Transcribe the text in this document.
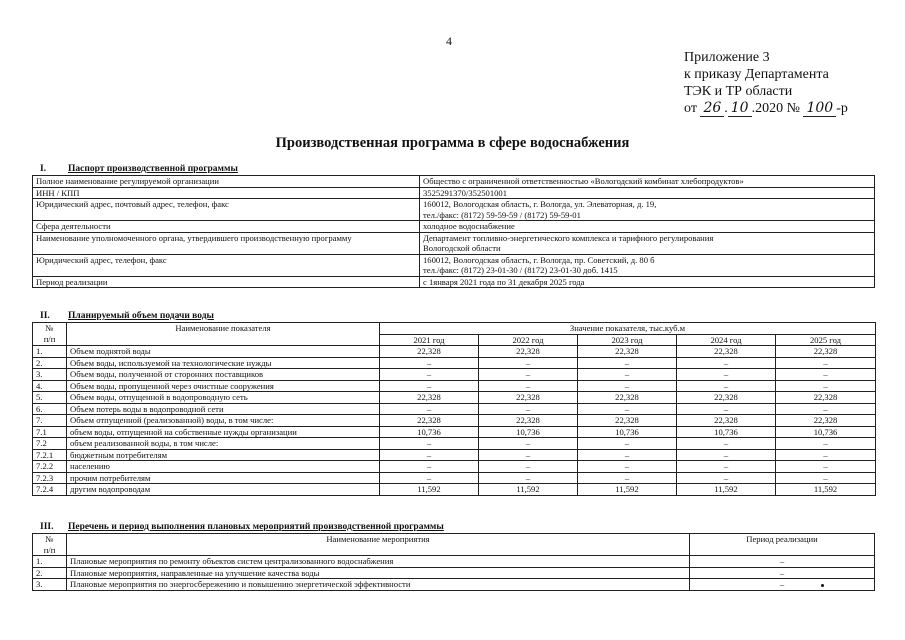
4
Приложение 3
к приказу Департамента
ТЭК и ТР области
от 26 . 10 .2020 № 100 -р
Производственная программа в сфере водоснабжения
I. Паспорт производственной программы
Полное наименование регулируемой организации	Общество с ограниченной ответственностью «Вологодский комбинат хлебопродуктов»

ИНН / КПП	3525291370/352501001

Юридический адрес, почтовый адрес, телефон, факс	160012, Вологодская область, г. Вологда, ул. Элеваторная, д. 19,
тел./факс: (8172) 59-59-59 / (8172) 59-59-01

Сфера деятельности	холодное водоснабжение

Наименование уполномоченного органа, утвердившего производственную программу	Департамент топливно-энергетического комплекса и тарифного регулирования
Вологодской области

Юридический адрес, телефон, факс	160012, Вологодская область, г. Вологда, пр. Советский, д. 80 б
тел./факс: (8172) 23-01-30 / (8172) 23-01-30 доб. 1415

Период реализации	с 1января 2021 года по 31 декабря 2025 года
II. Планируемый объем подачи воды
№
п/п	Наименование показателя	Значение показателя, тыс.куб.м				
		2021 год	2022 год	2023 год	2024 год	2025 год
1.	Объем поднятой воды	22,328	22,328	22,328	22,328	22,328
2.	Объем воды, используемой на технологические нужды	–	–	–	–	–
3.	Объем воды, полученной от сторонних поставщиков	–	–	–	–	–
4.	Объем воды, пропущенной через очистные сооружения	–	–	–	–	–
5.	Объем воды, отпущенной в водопроводную сеть	22,328	22,328	22,328	22,328	22,328
6.	Объем потерь воды в водопроводной сети	–	–	–	–	–
7.	Объем отпущенной (реализованной) воды, в том числе:	22,328	22,328	22,328	22,328	22,328
7.1	объем воды, отпущенной на собственные нужды организации	10,736	10,736	10,736	10,736	10,736
7.2	объем реализованной воды, в том числе:	–	–	–	–	–
7.2.1	бюджетным потребителям	–	–	–	–	–
7.2.2	населению	–	–	–	–	–
7.2.3	прочим потребителям	–	–	–	–	–
7.2.4	другим водопроводам	11,592	11,592	11,592	11,592	11,592
III. Перечень и период выполнения плановых мероприятий производственной программы
№
п/п	Наименование мероприятия	Период реализации
1.	Плановые мероприятия по ремонту объектов систем централизованного водоснабжения	–
2.	Плановые мероприятия, направленные на улучшение качества воды	–
3.	Плановые мероприятия по энергосбережению и повышению энергетической эффективности	–
